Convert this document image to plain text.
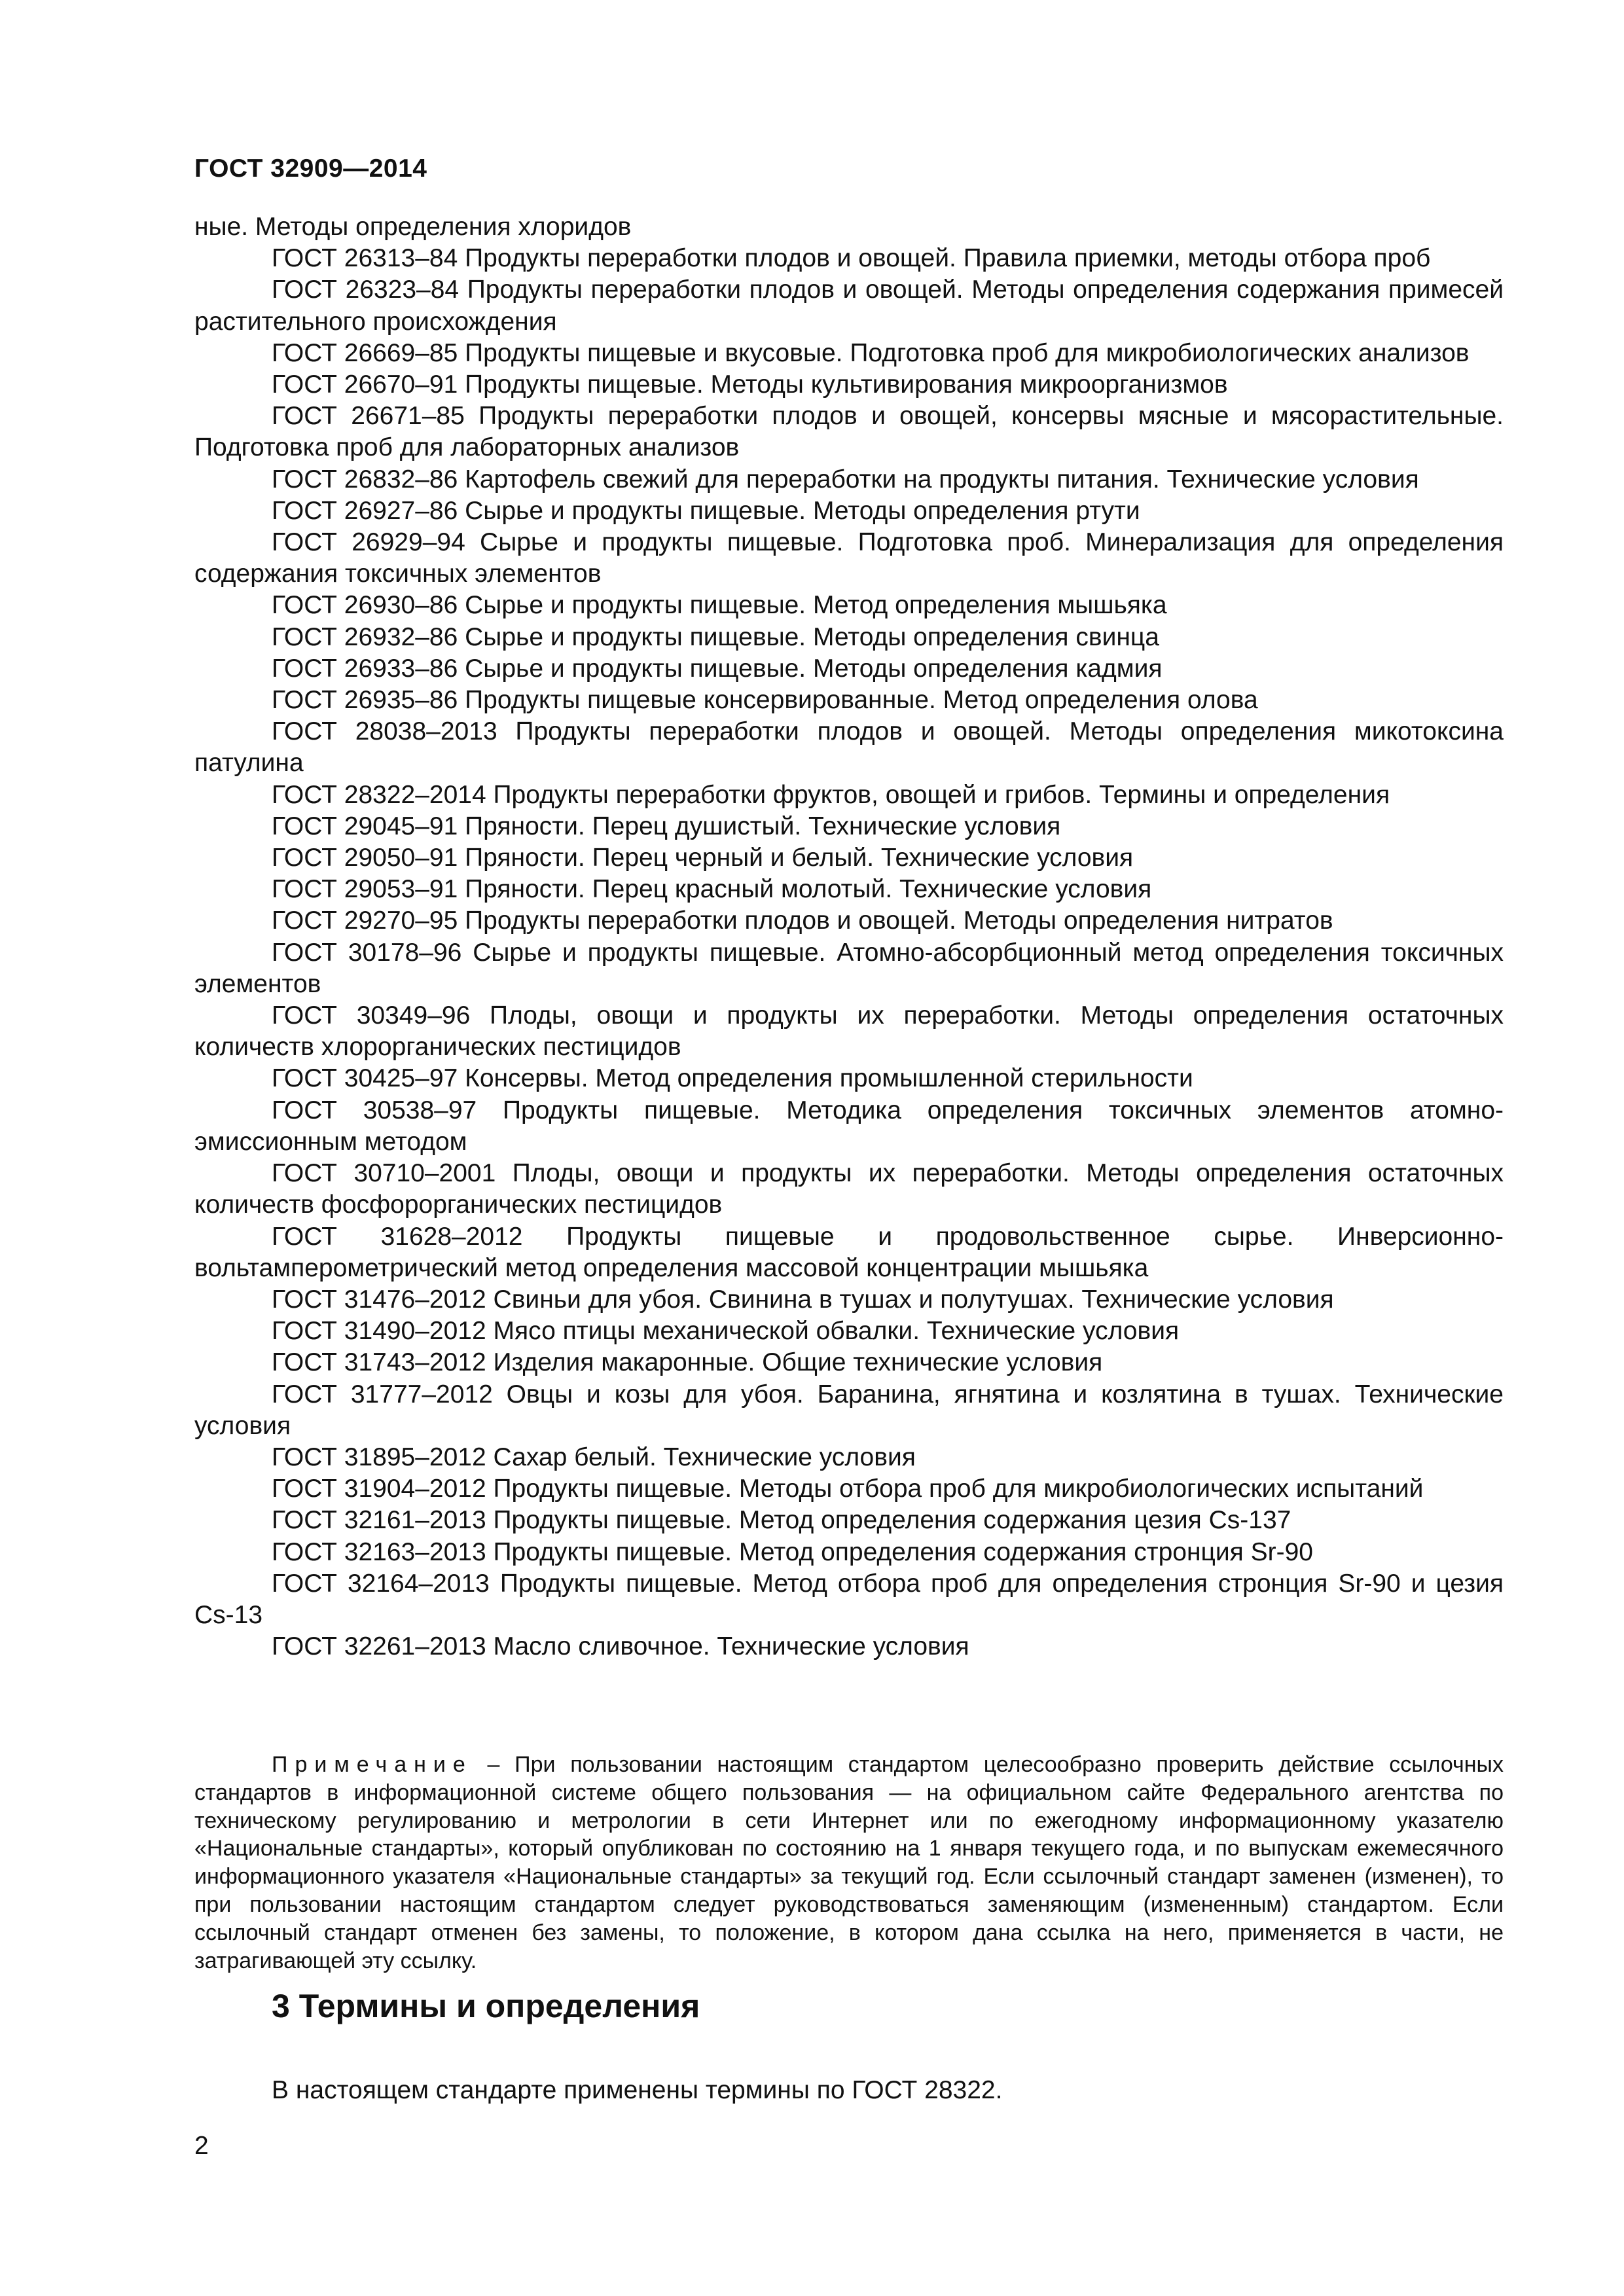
ГОСТ 32909—2014

ные. Методы определения хлоридов

ГОСТ 26313–84 Продукты переработки плодов и овощей. Правила приемки, методы отбора проб

ГОСТ 26323–84 Продукты переработки плодов и овощей. Методы определения содержания примесей растительного происхождения

ГОСТ 26669–85 Продукты пищевые и вкусовые. Подготовка проб для микробиологических анализов

ГОСТ 26670–91 Продукты пищевые. Методы культивирования микроорганизмов

ГОСТ 26671–85 Продукты переработки плодов и овощей, консервы мясные и мясорастительные. Подготовка проб для лабораторных анализов

ГОСТ 26832–86 Картофель свежий для переработки на продукты питания. Технические условия

ГОСТ 26927–86 Сырье и продукты пищевые. Методы определения ртути

ГОСТ 26929–94 Сырье и продукты пищевые. Подготовка проб. Минерализация для определения содержания токсичных элементов

ГОСТ 26930–86 Сырье и продукты пищевые. Метод определения мышьяка

ГОСТ 26932–86 Сырье и продукты пищевые. Методы определения свинца

ГОСТ 26933–86 Сырье и продукты пищевые. Методы определения кадмия

ГОСТ 26935–86 Продукты пищевые консервированные. Метод определения олова

ГОСТ 28038–2013 Продукты переработки плодов и овощей. Методы определения микотоксина патулина

ГОСТ 28322–2014 Продукты переработки фруктов, овощей и грибов. Термины и определения

ГОСТ 29045–91 Пряности. Перец душистый. Технические условия

ГОСТ 29050–91 Пряности. Перец черный и белый. Технические условия

ГОСТ 29053–91 Пряности. Перец красный молотый. Технические условия

ГОСТ 29270–95 Продукты переработки плодов и овощей. Методы определения нитратов

ГОСТ 30178–96 Сырье и продукты пищевые. Атомно-абсорбционный метод определения токсичных элементов

ГОСТ 30349–96 Плоды, овощи и продукты их переработки. Методы определения остаточных количеств хлорорганических пестицидов

ГОСТ 30425–97 Консервы. Метод определения промышленной стерильности

ГОСТ 30538–97 Продукты пищевые. Методика определения токсичных элементов атомно-эмиссионным методом

ГОСТ 30710–2001 Плоды, овощи и продукты их переработки. Методы определения остаточных количеств фосфорорганических пестицидов

ГОСТ 31628–2012 Продукты пищевые и продовольственное сырье. Инверсионно-вольтамперометрический метод определения массовой концентрации мышьяка

ГОСТ 31476–2012 Свиньи для убоя. Свинина в тушах и полутушах. Технические условия

ГОСТ 31490–2012 Мясо птицы механической обвалки. Технические условия

ГОСТ 31743–2012 Изделия макаронные. Общие технические условия

ГОСТ 31777–2012 Овцы и козы для убоя. Баранина, ягнятина и козлятина в тушах. Технические условия

ГОСТ 31895–2012 Сахар белый. Технические условия

ГОСТ 31904–2012 Продукты пищевые. Методы отбора проб для микробиологических испытаний

ГОСТ 32161–2013 Продукты пищевые. Метод определения содержания цезия Cs-137

ГОСТ 32163–2013 Продукты пищевые. Метод определения содержания стронция Sr-90

ГОСТ 32164–2013 Продукты пищевые. Метод отбора проб для определения стронция Sr-90 и цезия Cs-13

ГОСТ 32261–2013 Масло сливочное. Технические условия

Примечание – При пользовании настоящим стандартом целесообразно проверить действие ссылочных стандартов в информационной системе общего пользования — на официальном сайте Федерального агентства по техническому регулированию и метрологии в сети Интернет или по ежегодному информационному указателю «Национальные стандарты», который опубликован по состоянию на 1 января текущего года, и по выпускам ежемесячного информационного указателя «Национальные стандарты» за текущий год. Если ссылочный стандарт заменен (изменен), то при пользовании настоящим стандартом следует руководствоваться заменяющим (измененным) стандартом. Если ссылочный стандарт отменен без замены, то положение, в котором дана ссылка на него, применяется в части, не затрагивающей эту ссылку.

3 Термины и определения

В настоящем стандарте применены термины по ГОСТ 28322.

2
